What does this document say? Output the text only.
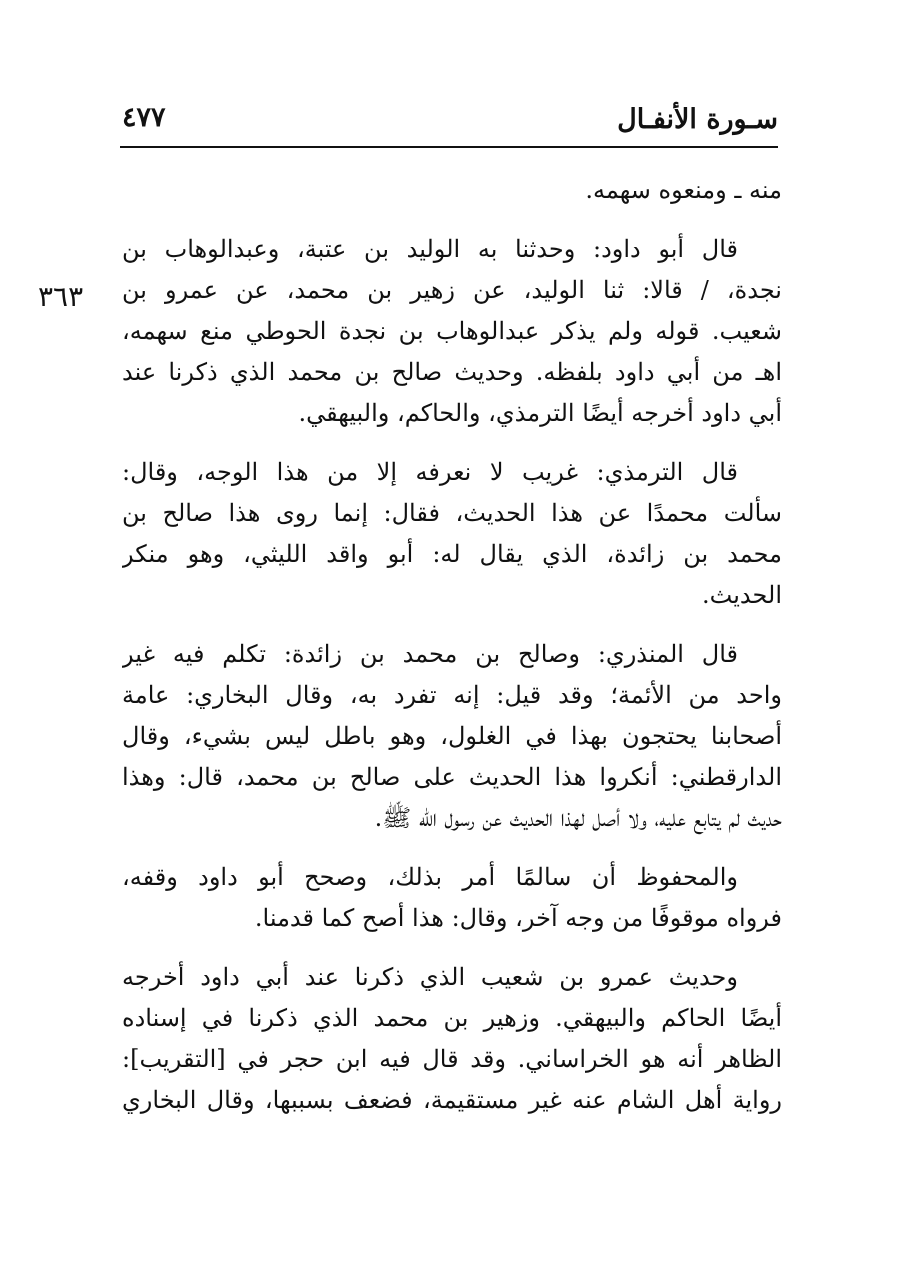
سـورة الأنفـال
٤٧٧
٣٦٣
منه ـ ومنعوه سهمه.
قال أبو داود: وحدثنا به الوليد بن عتبة، وعبدالوهاب بن
نجدة، / قالا: ثنا الوليد، عن زهير بن محمد، عن عمرو بن
شعيب. قوله ولم يذكر عبدالوهاب بن نجدة الحوطي منع سهمه،
اهـ من أبي داود بلفظه. وحديث صالح بن محمد الذي ذكرنا عند
أبي داود أخرجه أيضًا الترمذي، والحاكم، والبيهقي.
قال الترمذي: غريب لا نعرفه إلا من هذا الوجه، وقال:
سألت محمدًا عن هذا الحديث، فقال: إنما روى هذا صالح بن
محمد بن زائدة، الذي يقال له: أبو واقد الليثي، وهو منكر
الحديث.
قال المنذري: وصالح بن محمد بن زائدة: تكلم فيه غير
واحد من الأئمة؛ وقد قيل: إنه تفرد به، وقال البخاري: عامة
أصحابنا يحتجون بهذا في الغلول، وهو باطل ليس بشيء، وقال
الدارقطني: أنكروا هذا الحديث على صالح بن محمد، قال: وهذا
حديث لم يتابع عليه، ولا أصل لهذا الحديث عن رسول الله ﷺ.
والمحفوظ أن سالمًا أمر بذلك، وصحح أبو داود وقفه،
فرواه موقوفًا من وجه آخر، وقال: هذا أصح كما قدمنا.
وحديث عمرو بن شعيب الذي ذكرنا عند أبي داود أخرجه
أيضًا الحاكم والبيهقي. وزهير بن محمد الذي ذكرنا في إسناده
الظاهر أنه هو الخراساني. وقد قال فيه ابن حجر في [التقريب]:
رواية أهل الشام عنه غير مستقيمة، فضعف بسببها، وقال البخاري
